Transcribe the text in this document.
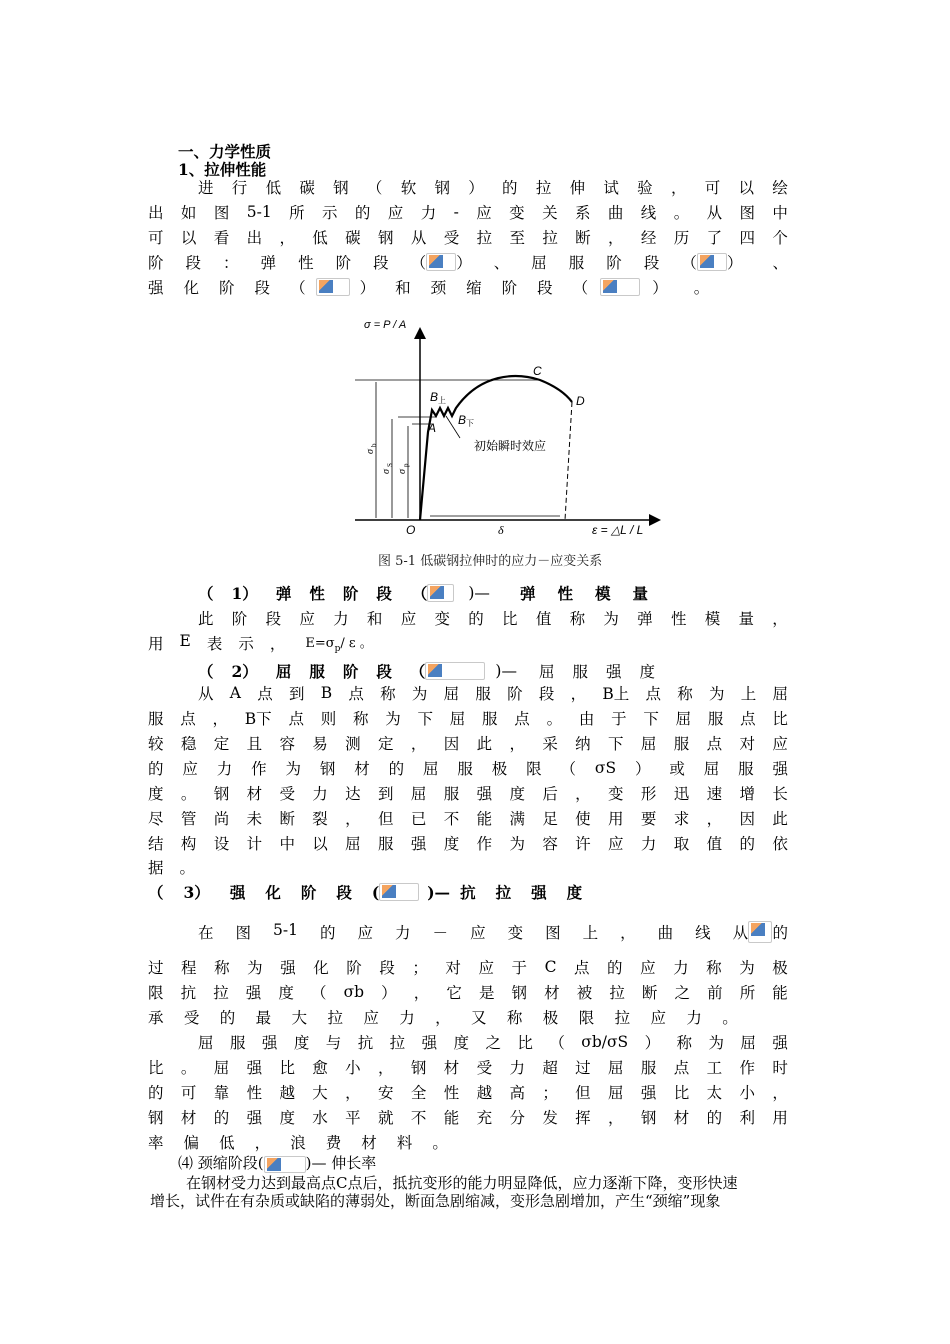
一、力学性质
1、拉伸性能
进 行 低 碳 钢 （ 软 钢 ） 的 拉 伸 试 验 ， 可 以 绘
出 如 图 5-1 所 示 的 应 力 - 应 变 关 系 曲 线 。 从 图 中
可 以 看 出 ， 低 碳 钢 从 受 拉 至 拉 断 ， 经 历 了 四 个
阶 段 ： 弹 性 阶 段 （ ） 、 屈 服 阶 段 （ ） 、
强 化 阶 段 （	） 和 颈 缩 阶 段 （	） 。
σ = P / A
ε = △L / L
O
A
B 上
B 下
C
D
初始瞬时效应
δ
σ
b
σ
S
σ
p
图 5-1 低碳钢拉伸时的应力－应变关系
（ 1） 弹 性 阶 段 （	)— 弹 性 模 量
此 阶 段 应 力 和 应 变 的 比 值 称 为 弹 性 模 量 ，
用 E 表 示 ， E=σp/ ε 。
（ 2） 屈 服 阶 段 （	)— 屈 服 强 度
从 A 点 到 B 点 称 为 屈 服 阶 段 ， B上 点 称 为 上 屈
服 点 ， B下 点 则 称 为 下 屈 服 点 。 由 于 下 屈 服 点 比
较 稳 定 且 容 易 测 定 ， 因 此 ， 采 纳 下 屈 服 点 对 应
的 应 力 作 为 钢 材 的 屈 服 极 限 （ σS ） 或 屈 服 强
度 。 钢 材 受 力 达 到 屈 服 强 度 后 ， 变 形 迅 速 增 长
尽 管 尚 未 断 裂 ， 但 已 不 能 满 足 使 用 要 求 ， 因 此
结 构 设 计 中 以 屈 服 强 度 作 为 容 许 应 力 取 值 的 依
据 。
（ 3） 强 化 阶 段 (	)— 抗 拉 强 度
在 图 5-1 的 应 力 － 应 变 图 上 ， 曲 线 从 的
过 程 称 为 强 化 阶 段 ； 对 应 于 C 点 的 应 力 称 为 极
限 抗 拉 强 度 （ σb ） ， 它 是 钢 材 被 拉 断 之 前 所 能
承 受 的 最 大 拉 应 力 ， 又 称 极 限 拉 应 力 。
屈 服 强 度 与 抗 拉 强 度 之 比 （ σb/σS ） 称 为 屈 强
比 。 屈 强 比 愈 小 ， 钢 材 受 力 超 过 屈 服 点 工 作 时
的 可 靠 性 越 大 ， 安 全 性 越 高 ； 但 屈 强 比 太 小 ，
钢 材 的 强 度 水 平 就 不 能 充 分 发 挥 ， 钢 材 的 利 用
率 偏 低 ， 浪 费 材 料 。
⑷ 颈缩阶段(	)— 伸长率
在钢材受力达到最高点C点后，抵抗变形的能力明显降低，应力逐渐下降，变形快速
增长，试件在有杂质或缺陷的薄弱处，断面急剧缩减，变形急剧增加，产生“颈缩”现象
